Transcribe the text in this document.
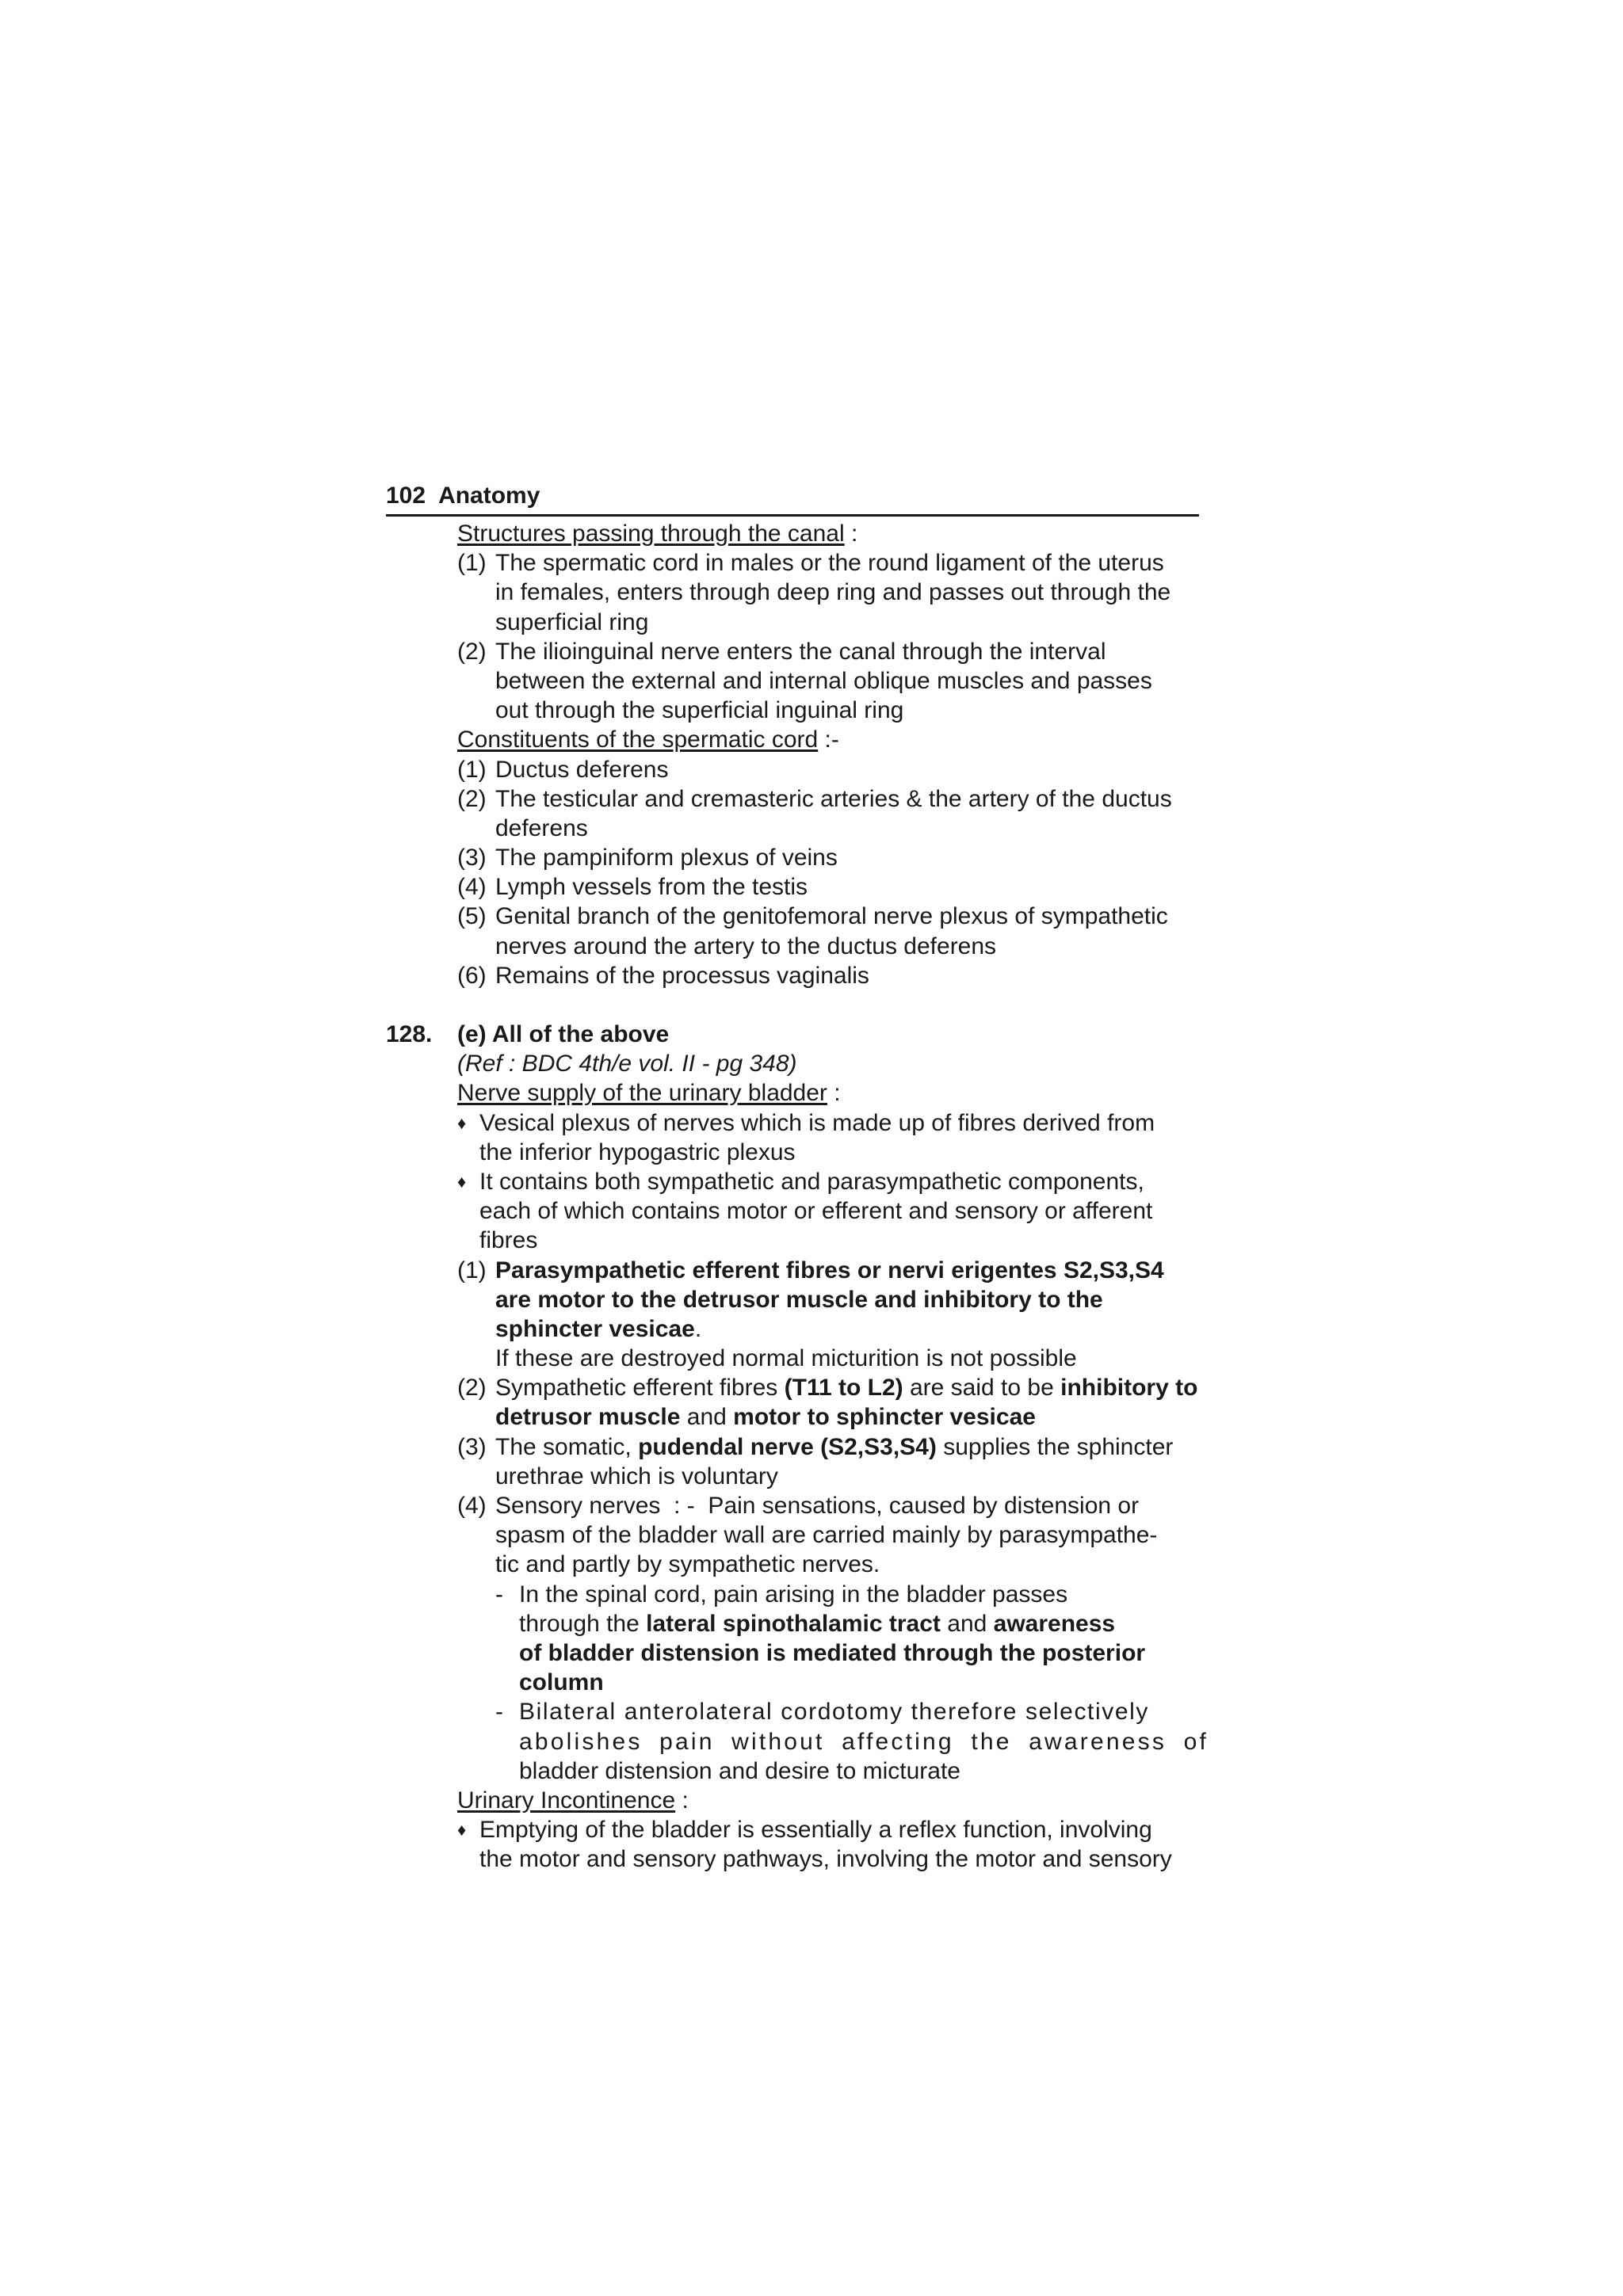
102 Anatomy
Structures passing through the canal :
(1) The spermatic cord in males or the round ligament of the uterus
in females, enters through deep ring and passes out through the
superficial ring
(2) The ilioinguinal nerve enters the canal through the interval
between the external and internal oblique muscles and passes
out through the superficial inguinal ring
Constituents of the spermatic cord :-
(1) Ductus deferens
(2) The testicular and cremasteric arteries & the artery of the ductus
deferens
(3) The pampiniform plexus of veins
(4) Lymph vessels from the testis
(5) Genital branch of the genitofemoral nerve plexus of sympathetic
nerves around the artery to the ductus deferens
(6) Remains of the processus vaginalis
128. (e) All of the above
(Ref : BDC 4th/e vol. II - pg 348)
Nerve supply of the urinary bladder :
♦ Vesical plexus of nerves which is made up of fibres derived from
the inferior hypogastric plexus
♦ It contains both sympathetic and parasympathetic components,
each of which contains motor or efferent and sensory or afferent
fibres
(1) Parasympathetic efferent fibres or nervi erigentes S2,S3,S4
are motor to the detrusor muscle and inhibitory to the
sphincter vesicae.
If these are destroyed normal micturition is not possible
(2) Sympathetic efferent fibres (T11 to L2) are said to be inhibitory to
detrusor muscle and motor to sphincter vesicae
(3) The somatic, pudendal nerve (S2,S3,S4) supplies the sphincter
urethrae which is voluntary
(4) Sensory nerves  : -  Pain sensations, caused by distension or
spasm of the bladder wall are carried mainly by parasympathe-
tic and partly by sympathetic nerves.
- In the spinal cord, pain arising in the bladder passes
through the lateral spinothalamic tract and awareness
of bladder distension is mediated through the posterior
column
- Bilateral anterolateral cordotomy therefore selectively
abolishes pain without affecting the awareness of
bladder distension and desire to micturate
Urinary Incontinence :
♦ Emptying of the bladder is essentially a reflex function, involving
the motor and sensory pathways, involving the motor and sensory
